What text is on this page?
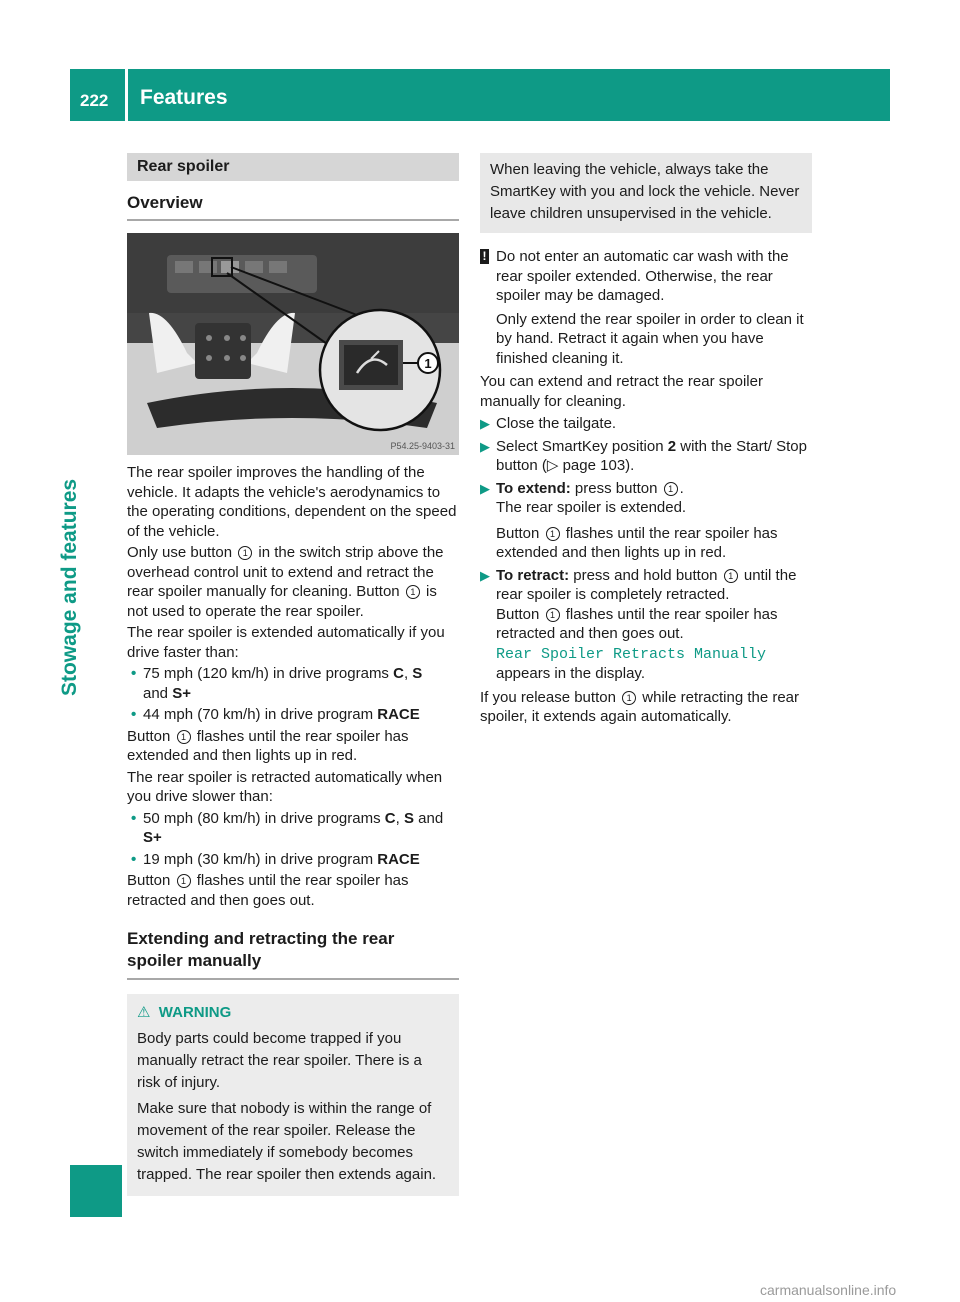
222 Features
Stowage and features
Rear spoiler
Overview
1
P54.25-9403-31

The rear spoiler improves the handling of the vehicle. It adapts the vehicle's aerodynamics to the operating conditions, dependent on the speed of the vehicle.

Only use button 1 in the switch strip above the overhead control unit to extend and retract the rear spoiler manually for cleaning. Button 1 is not used to operate the rear spoiler.

The rear spoiler is extended automatically if you drive faster than:

• 75 mph (120 km/h) in drive programs C, S
and S+
• 44 mph (70 km/h) in drive program RACE

Button 1 flashes until the rear spoiler has extended and then lights up in red.

The rear spoiler is retracted automatically when you drive slower than:

• 50 mph (80 km/h) in drive programs C, S and
S+
• 19 mph (30 km/h) in drive program RACE

Button 1 flashes until the rear spoiler has retracted and then goes out.

Extending and retracting the rear
spoiler manually
⚠ WARNING

Body parts could become trapped if you manually retract the rear spoiler. There is a risk of injury.

Make sure that nobody is within the range of movement of the rear spoiler. Release the switch immediately if somebody becomes trapped. The rear spoiler then extends again.

When leaving the vehicle, always take the SmartKey with you and lock the vehicle. Never leave children unsupervised in the vehicle.

! Do not enter an automatic car wash with the rear spoiler extended. Otherwise, the rear spoiler may be damaged.

Only extend the rear spoiler in order to clean it by hand. Retract it again when you have finished cleaning it.

You can extend and retract the rear spoiler manually for cleaning.

▶ Close the tailgate.
▶ Select SmartKey position 2 with the Start/ Stop button (▷ page 103).
▶ To extend: press button 1 .
The rear spoiler is extended.
Button 1 flashes until the rear spoiler has extended and then lights up in red.
▶ To retract: press and hold button 1 until the rear spoiler is completely retracted.
Button 1 flashes until the rear spoiler has retracted and then goes out.
Rear Spoiler Retracts Manually
appears in the display.

If you release button 1 while retracting the rear spoiler, it extends again automatically.

carmanualsonline.info
